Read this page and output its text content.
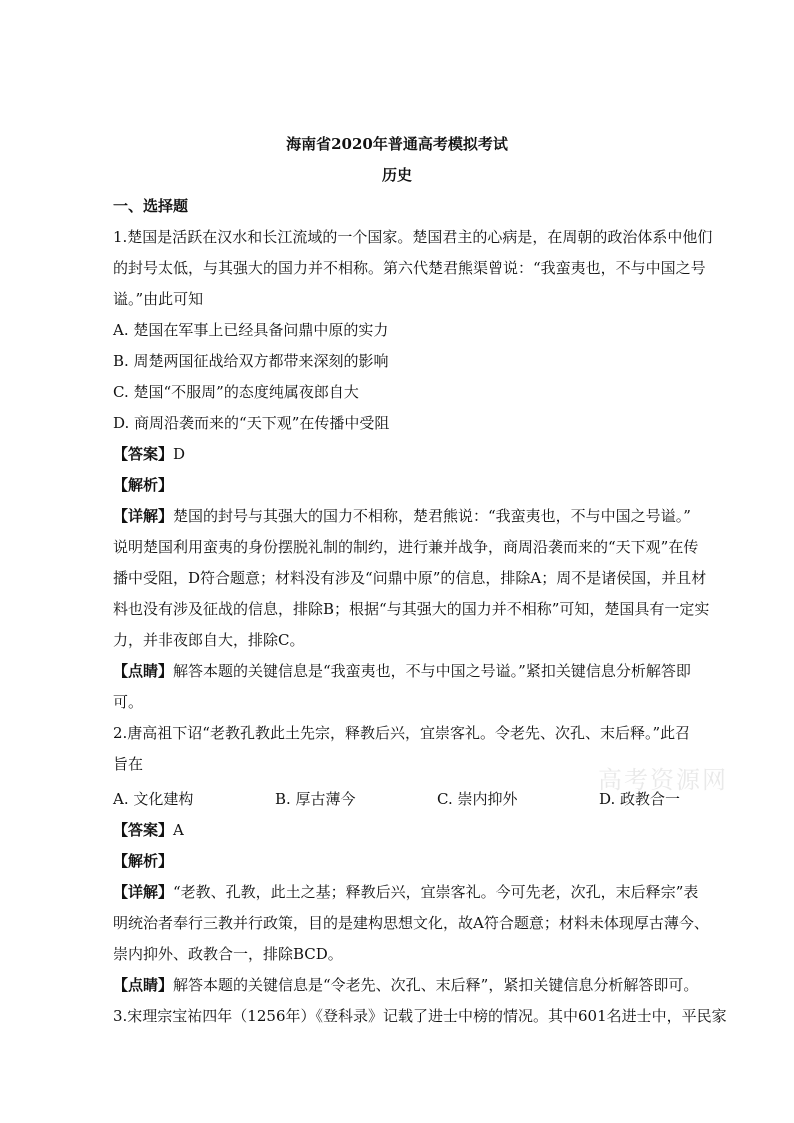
海南省2020年普通高考模拟考试
历史
一、选择题
1.楚国是活跃在汉水和长江流域的一个国家。楚国君主的心病是，在周朝的政治体系中他们
的封号太低，与其强大的国力并不相称。第六代楚君熊渠曾说：“我蛮夷也，不与中国之号
谥。”由此可知
A. 楚国在军事上已经具备问鼎中原的实力
B. 周楚两国征战给双方都带来深刻的影响
C. 楚国“不服周”的态度纯属夜郎自大
D. 商周沿袭而来的“天下观”在传播中受阻
【答案】D
【解析】
【详解】楚国的封号与其强大的国力不相称，楚君熊说：“我蛮夷也，不与中国之号谥。”
说明楚国利用蛮夷的身份摆脱礼制的制约，进行兼并战争，商周沿袭而来的“天下观”在传
播中受阻，D符合题意；材料没有涉及“问鼎中原”的信息，排除A；周不是诸侯国，并且材
料也没有涉及征战的信息，排除B；根据“与其强大的国力并不相称”可知，楚国具有一定实
力，并非夜郎自大，排除C。
【点睛】解答本题的关键信息是“我蛮夷也，不与中国之号谥。”紧扣关键信息分析解答即
可。
2.唐高祖下诏“老教孔教此土先宗，释教后兴，宜崇客礼。令老先、次孔、末后释。”此召
旨在
高考资源网
A. 文化建构	B. 厚古薄今	C. 崇内抑外	D. 政教合一
【答案】A
【解析】
【详解】“老教、孔教，此土之基；释教后兴，宜崇客礼。今可先老，次孔，末后释宗”表
明统治者奉行三教并行政策，目的是建构思想文化，故A符合题意；材料未体现厚古薄今、
崇内抑外、政教合一，排除BCD。
【点睛】解答本题的关键信息是“令老先、次孔、末后释”，紧扣关键信息分析解答即可。
3.宋理宗宝祐四年（1256年）《登科录》记载了进士中榜的情况。其中601名进士中，平民家
